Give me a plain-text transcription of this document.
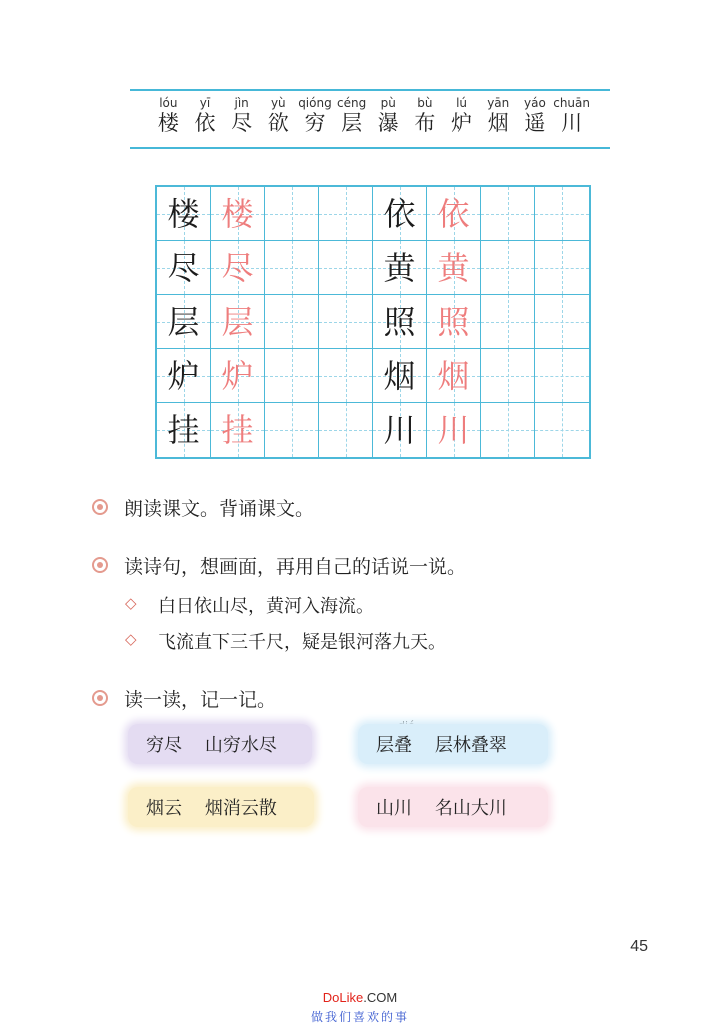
lóu
楼
yī
依
jìn
尽
yù
欲
qióng
穷
céng
层
pù
瀑
bù
布
lú
炉
yān
烟
yáo
遥
chuān
川
楼 楼	依 依
尽 尽	黄 黄
层 层	照 照
炉 炉	烟 烟
挂 挂	川 川
朗读课文。背诵课文。
读诗句，想画面，再用自己的话说一说。
◇ 白日依山尽，黄河入海流。
◇ 飞流直下三千尺，疑是银河落九天。
读一读，记一记。
穷尽    山穷水尽	层叠    层林叠翠
烟云    烟消云散	山川    名山大川
45
DoLike.COM
做我们喜欢的事
